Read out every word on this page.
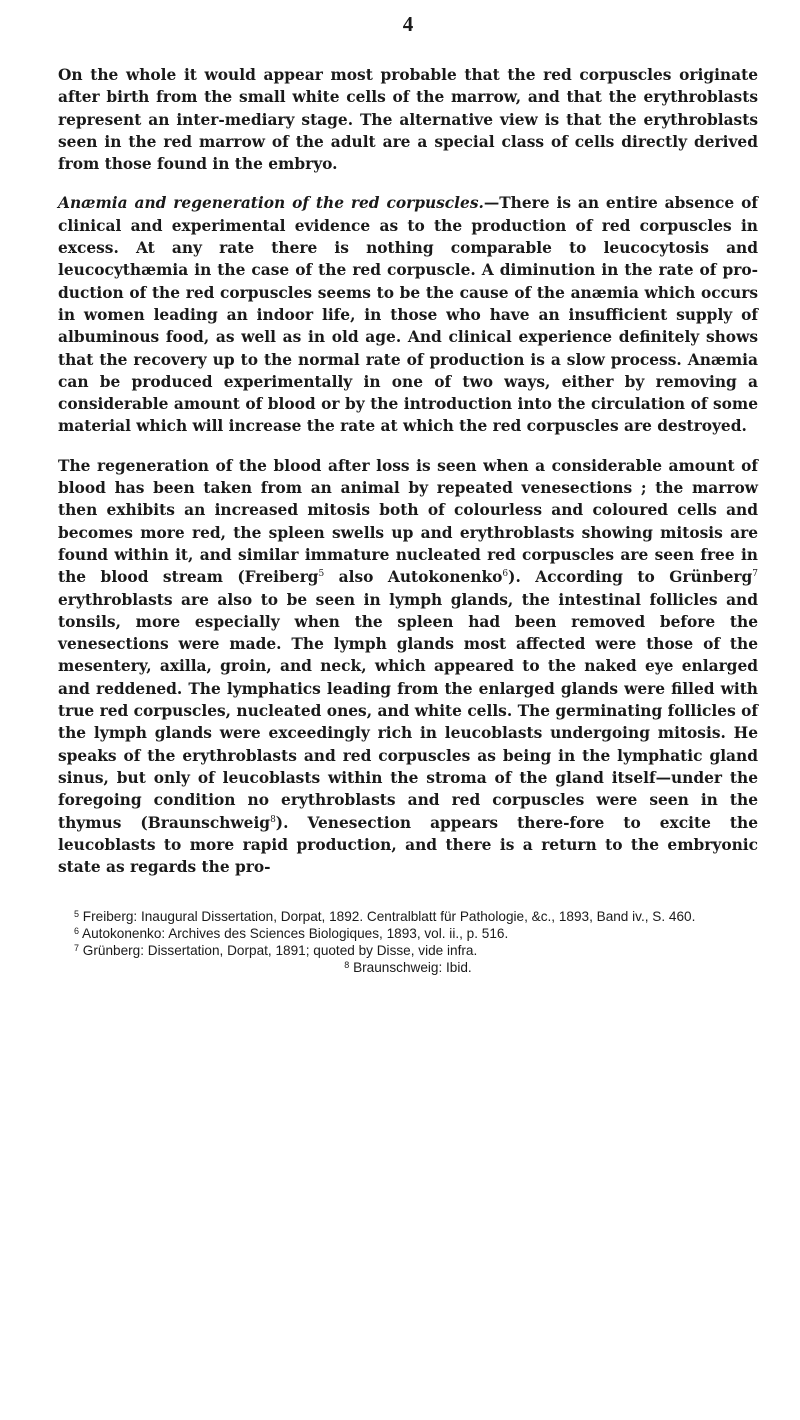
4

On the whole it would appear most probable that the red corpuscles originate after birth from the small white cells of the marrow, and that the erythroblasts represent an inter-mediary stage. The alternative view is that the erythroblasts seen in the red marrow of the adult are a special class of cells directly derived from those found in the embryo.

Anæmia and regeneration of the red corpuscles.—There is an entire absence of clinical and experimental evidence as to the production of red corpuscles in excess. At any rate there is nothing comparable to leucocytosis and leucocythæmia in the case of the red corpuscle. A diminution in the rate of pro-duction of the red corpuscles seems to be the cause of the anæmia which occurs in women leading an indoor life, in those who have an insufficient supply of albuminous food, as well as in old age. And clinical experience definitely shows that the recovery up to the normal rate of production is a slow process. Anæmia can be produced experimentally in one of two ways, either by removing a considerable amount of blood or by the introduction into the circulation of some material which will increase the rate at which the red corpuscles are destroyed.

The regeneration of the blood after loss is seen when a considerable amount of blood has been taken from an animal by repeated venesections ; the marrow then exhibits an increased mitosis both of colourless and coloured cells and becomes more red, the spleen swells up and erythroblasts showing mitosis are found within it, and similar immature nucleated red corpuscles are seen free in the blood stream (Freiberg$^5$ also Autokonenko$^6$). According to Grünberg$^7$ erythroblasts are also to be seen in lymph glands, the intestinal follicles and tonsils, more especially when the spleen had been removed before the venesections were made. The lymph glands most affected were those of the mesentery, axilla, groin, and neck, which appeared to the naked eye enlarged and reddened. The lymphatics leading from the enlarged glands were filled with true red corpuscles, nucleated ones, and white cells. The germinating follicles of the lymph glands were exceedingly rich in leucoblasts undergoing mitosis. He speaks of the erythroblasts and red corpuscles as being in the lymphatic gland sinus, but only of leucoblasts within the stroma of the gland itself—under the foregoing condition no erythroblasts and red corpuscles were seen in the thymus (Braunschweig$^8$). Venesection appears there-fore to excite the leucoblasts to more rapid production, and there is a return to the embryonic state as regards the pro-

$^5$ Freiberg: Inaugural Dissertation, Dorpat, 1892. Centralblatt für Pathologie, &c., 1893, Band iv., S. 460.

$^6$ Autokonenko: Archives des Sciences Biologiques, 1893, vol. ii., p. 516.

$^7$ Grünberg: Dissertation, Dorpat, 1891; quoted by Disse, vide infra.

$^8$ Braunschweig: Ibid.
